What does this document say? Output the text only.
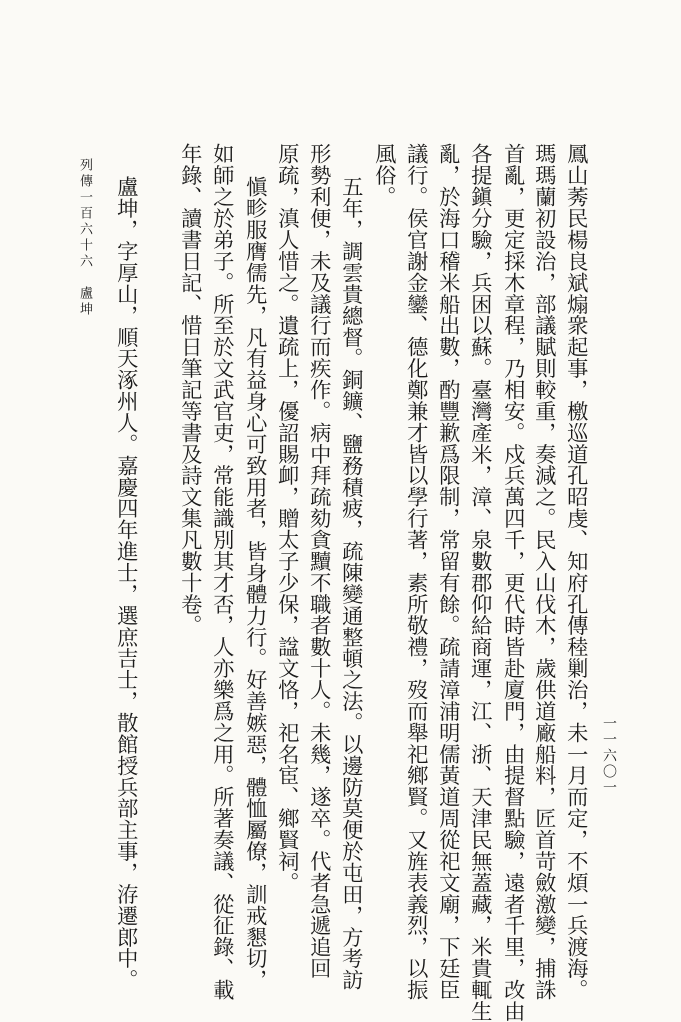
鳳山莠民楊良斌煽衆起事，檄巡道孔昭虔、知府孔傳稑剿治，未一月而定，不煩一兵渡海。
瑪瑪蘭初設治，部議賦則較重，奏減之。民入山伐木，歲供道廠船料，匠首苛斂激變，捕誅
首亂，更定採木章程，乃相安。戍兵萬四千，更代時皆赴廈門，由提督點驗，遠者千里，改由
各提鎭分驗，兵困以蘇。臺灣產米，漳、泉數郡仰給商運，江、浙、天津民無蓋藏，米貴輒生
亂，於海口稽米船出數，酌豐歉爲限制，常留有餘。疏請漳浦明儒黃道周從祀文廟，下廷臣
議行。侯官謝金鑾、德化鄭兼才皆以學行著，素所敬禮，歿而舉祀鄉賢。又旌表義烈，以振
風俗。
五年，調雲貴總督。銅鑛、鹽務積疲，疏陳變通整頓之法。以邊防莫便於屯田，方考訪
形勢利便，未及議行而疾作。病中拜疏劾貪黷不職者數十人。未幾，遂卒。代者急遞追回
原疏，滇人惜之。遺疏上，優詔賜卹，贈太子少保，諡文恪，祀名宦、鄉賢祠。
愼畛服膺儒先，凡有益身心可致用者，皆身體力行。好善嫉惡，體恤屬僚，訓戒懇切，
如師之於弟子。所至於文武官吏，常能識別其才否，人亦樂爲之用。所著奏議、從征錄、載
年錄、讀書日記、惜日筆記等書及詩文集凡數十卷。
盧坤，字厚山，順天涿州人。嘉慶四年進士，選庶吉士，散館授兵部主事，洊遷郎中。
列傳一百六十六　盧坤
一一六〇一
